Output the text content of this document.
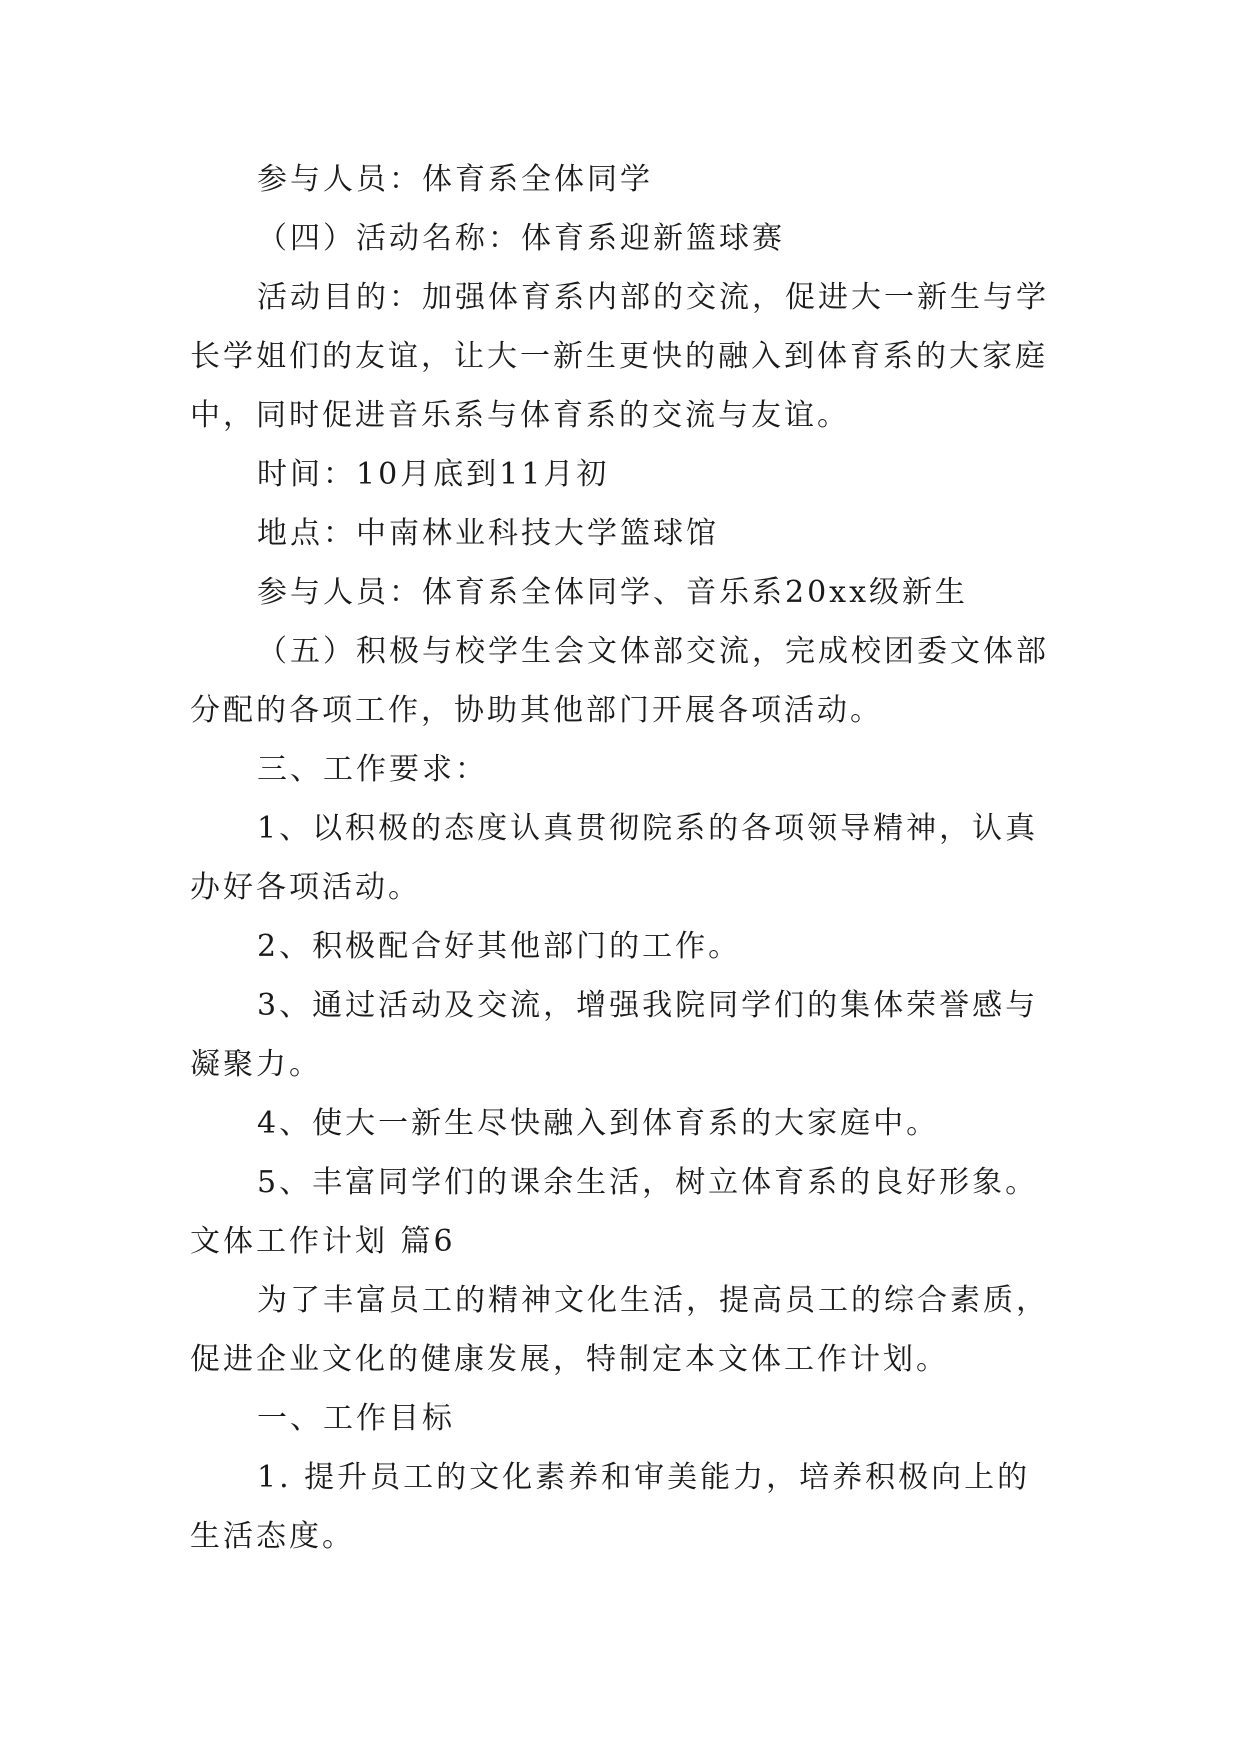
参与人员：体育系全体同学
（四）活动名称：体育系迎新篮球赛
活动目的：加强体育系内部的交流，促进大一新生与学
长学姐们的友谊，让大一新生更快的融入到体育系的大家庭
中，同时促进音乐系与体育系的交流与友谊。
时间：10月底到11月初
地点：中南林业科技大学篮球馆
参与人员：体育系全体同学、音乐系20xx级新生
（五）积极与校学生会文体部交流，完成校团委文体部
分配的各项工作，协助其他部门开展各项活动。
三、工作要求：
1、以积极的态度认真贯彻院系的各项领导精神，认真
办好各项活动。
2、积极配合好其他部门的工作。
3、通过活动及交流，增强我院同学们的集体荣誉感与
凝聚力。
4、使大一新生尽快融入到体育系的大家庭中。
5、丰富同学们的课余生活，树立体育系的良好形象。
文体工作计划 篇6
为了丰富员工的精神文化生活，提高员工的综合素质，
促进企业文化的健康发展，特制定本文体工作计划。
一、工作目标
1. 提升员工的文化素养和审美能力，培养积极向上的
生活态度。
